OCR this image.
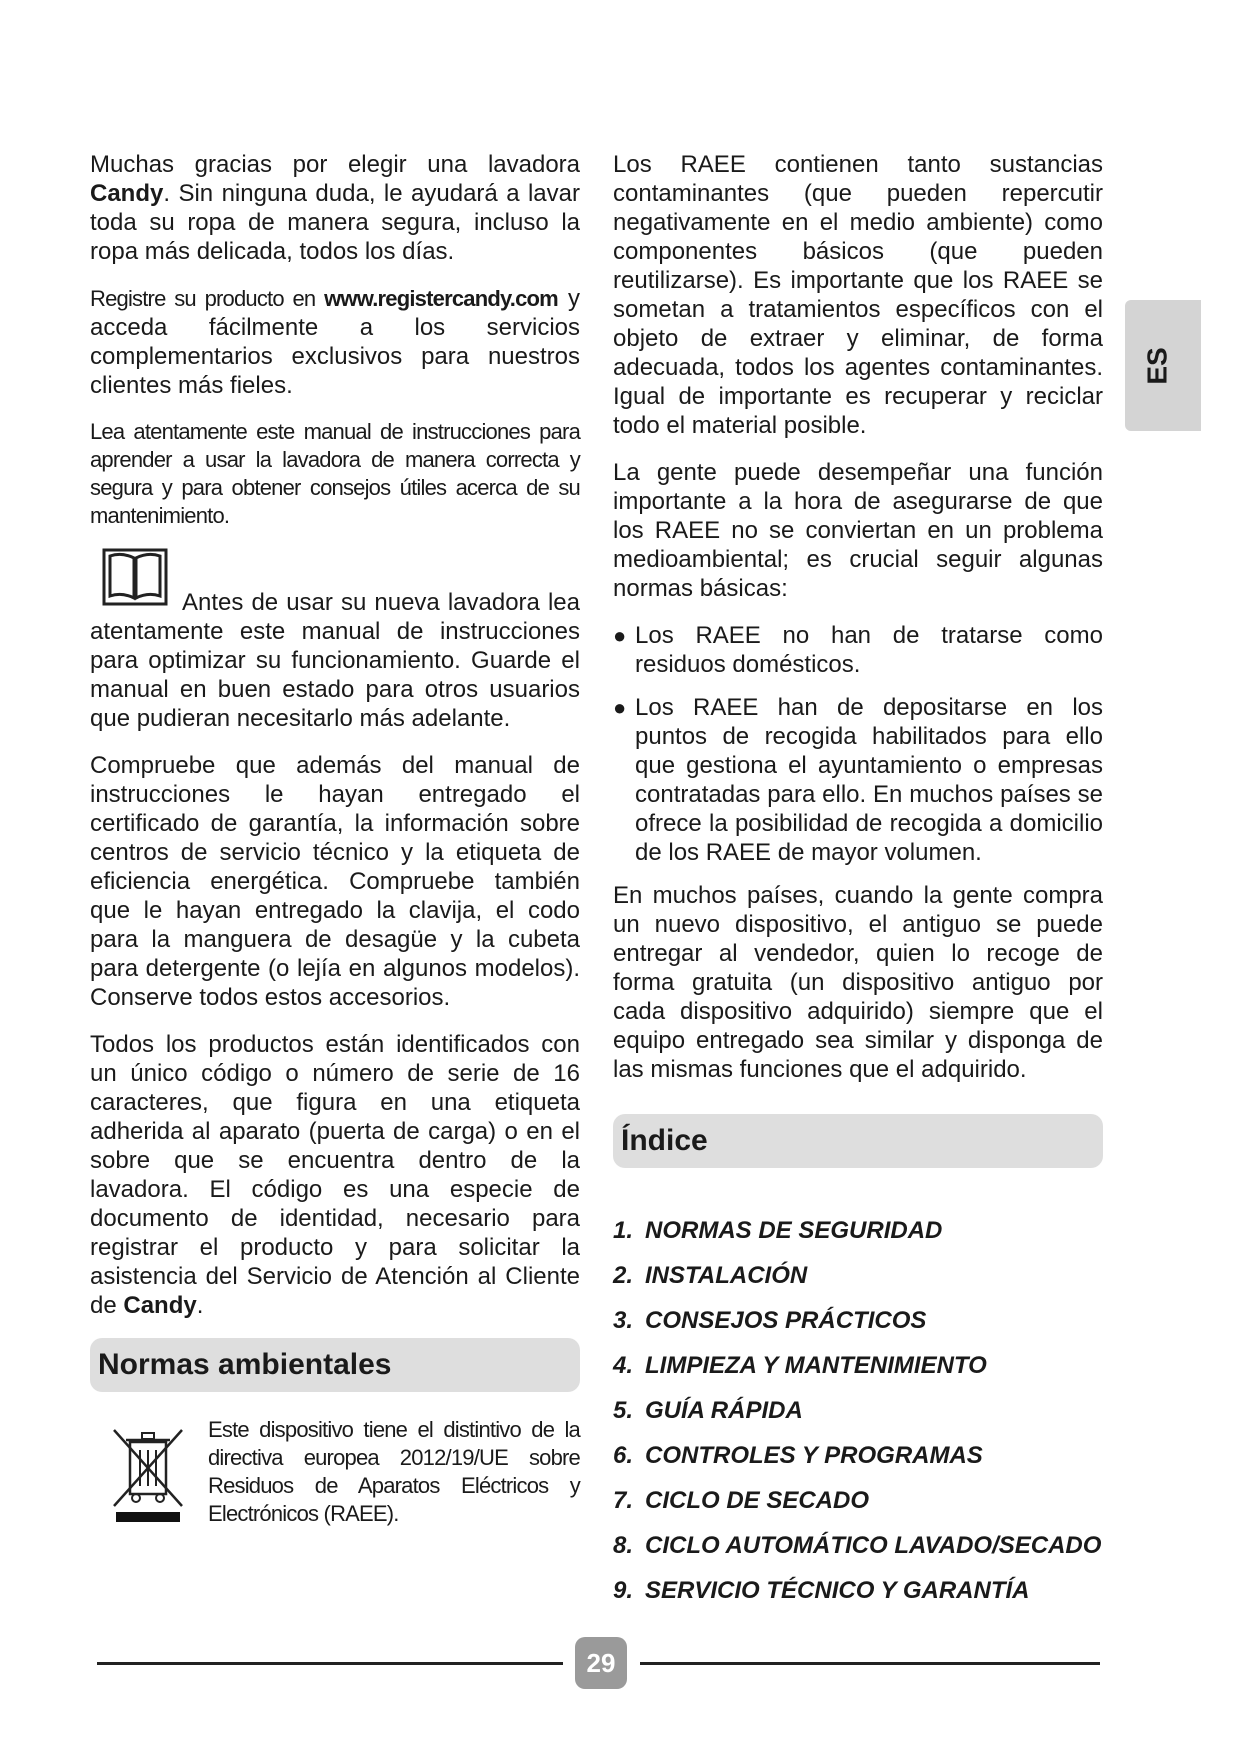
Muchas gracias por elegir una lavadora Candy. Sin ninguna duda, le ayudará a lavar toda su ropa de manera segura, incluso la ropa más delicada, todos los días.

Registre su producto en www.registercandy.com y acceda fácilmente a los servicios complementarios exclusivos para nuestros clientes más fieles.

Lea atentamente este manual de instrucciones para aprender a usar la lavadora de manera correcta y segura y para obtener consejos útiles acerca de su mantenimiento.

Antes de usar su nueva lavadora lea atentamente este manual de instrucciones para optimizar su funcionamiento. Guarde el manual en buen estado para otros usuarios que pudieran necesitarlo más adelante.

Compruebe que además del manual de instrucciones le hayan entregado el certificado de garantía, la información sobre centros de servicio técnico y la etiqueta de eficiencia energética. Compruebe también que le hayan entregado la clavija, el codo para la manguera de desagüe y la cubeta para detergente (o lejía en algunos modelos). Conserve todos estos accesorios.

Todos los productos están identificados con un único código o número de serie de 16 caracteres, que figura en una etiqueta adherida al aparato (puerta de carga) o en el sobre que se encuentra dentro de la lavadora. El código es una especie de documento de identidad, necesario para registrar el producto y para solicitar la asistencia del Servicio de Atención al Cliente de Candy.

Normas ambientales

Este dispositivo tiene el distintivo de la directiva europea 2012/19/UE sobre Residuos de Aparatos Eléctricos y Electrónicos (RAEE).

Los RAEE contienen tanto sustancias contaminantes (que pueden repercutir negativamente en el medio ambiente) como componentes básicos (que pueden reutilizarse). Es importante que los RAEE se sometan a tratamientos específicos con el objeto de extraer y eliminar, de forma adecuada, todos los agentes contaminantes. Igual de importante es recuperar y reciclar todo el material posible.

La gente puede desempeñar una función importante a la hora de asegurarse de que los RAEE no se conviertan en un problema medioambiental; es crucial seguir algunas normas básicas:

● Los RAEE no han de tratarse como residuos domésticos.

● Los RAEE han de depositarse en los puntos de recogida habilitados para ello que gestiona el ayuntamiento o empresas contratadas para ello. En muchos países se ofrece la posibilidad de recogida a domicilio de los RAEE de mayor volumen.

En muchos países, cuando la gente compra un nuevo dispositivo, el antiguo se puede entregar al vendedor, quien lo recoge de forma gratuita (un dispositivo antiguo por cada dispositivo adquirido) siempre que el equipo entregado sea similar y disponga de las mismas funciones que el adquirido.

Índice
1. NORMAS DE SEGURIDAD
2. INSTALACIÓN
3. CONSEJOS PRÁCTICOS
4. LIMPIEZA Y MANTENIMIENTO
5. GUÍA RÁPIDA
6. CONTROLES Y PROGRAMAS
7. CICLO DE SECADO
8. CICLO AUTOMÁTICO LAVADO/SECADO
9. SERVICIO TÉCNICO Y GARANTÍA
ES
29
